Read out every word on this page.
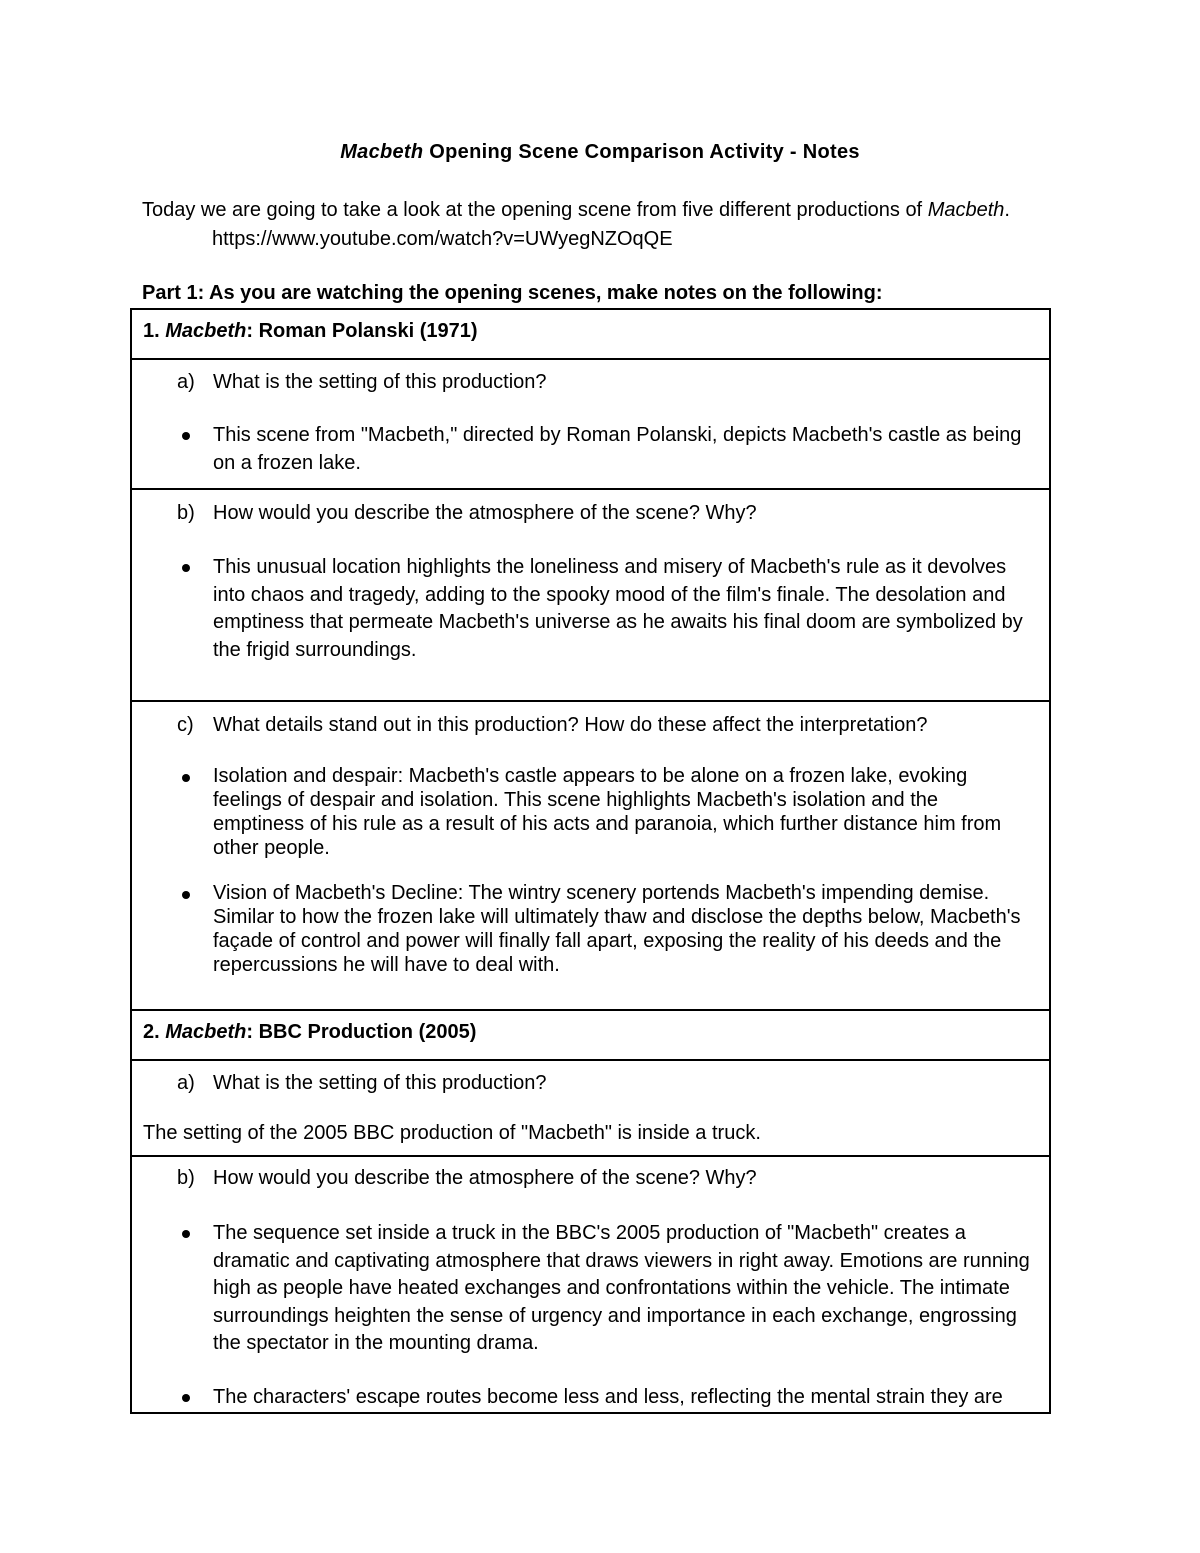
Macbeth Opening Scene Comparison Activity - Notes
Today we are going to take a look at the opening scene from five different productions of Macbeth.
https://www.youtube.com/watch?v=UWyegNZOqQE
Part 1: As you are watching the opening scenes, make notes on the following:
1. Macbeth: Roman Polanski (1971)
a) What is the setting of this production?
This scene from "Macbeth," directed by Roman Polanski, depicts Macbeth's castle as being on a frozen lake.
b) How would you describe the atmosphere of the scene? Why?
This unusual location highlights the loneliness and misery of Macbeth's rule as it devolves into chaos and tragedy, adding to the spooky mood of the film's finale. The desolation and emptiness that permeate Macbeth's universe as he awaits his final doom are symbolized by the frigid surroundings.
c) What details stand out in this production? How do these affect the interpretation?
Isolation and despair: Macbeth's castle appears to be alone on a frozen lake, evoking feelings of despair and isolation. This scene highlights Macbeth's isolation and the emptiness of his rule as a result of his acts and paranoia, which further distance him from other people.
Vision of Macbeth's Decline: The wintry scenery portends Macbeth's impending demise. Similar to how the frozen lake will ultimately thaw and disclose the depths below, Macbeth's façade of control and power will finally fall apart, exposing the reality of his deeds and the repercussions he will have to deal with.
2. Macbeth: BBC Production (2005)
a) What is the setting of this production?
The setting of the 2005 BBC production of "Macbeth" is inside a truck.
b) How would you describe the atmosphere of the scene? Why?
The sequence set inside a truck in the BBC's 2005 production of "Macbeth" creates a dramatic and captivating atmosphere that draws viewers in right away. Emotions are running high as people have heated exchanges and confrontations within the vehicle. The intimate surroundings heighten the sense of urgency and importance in each exchange, engrossing the spectator in the mounting drama.
The characters' escape routes become less and less, reflecting the mental strain they are
